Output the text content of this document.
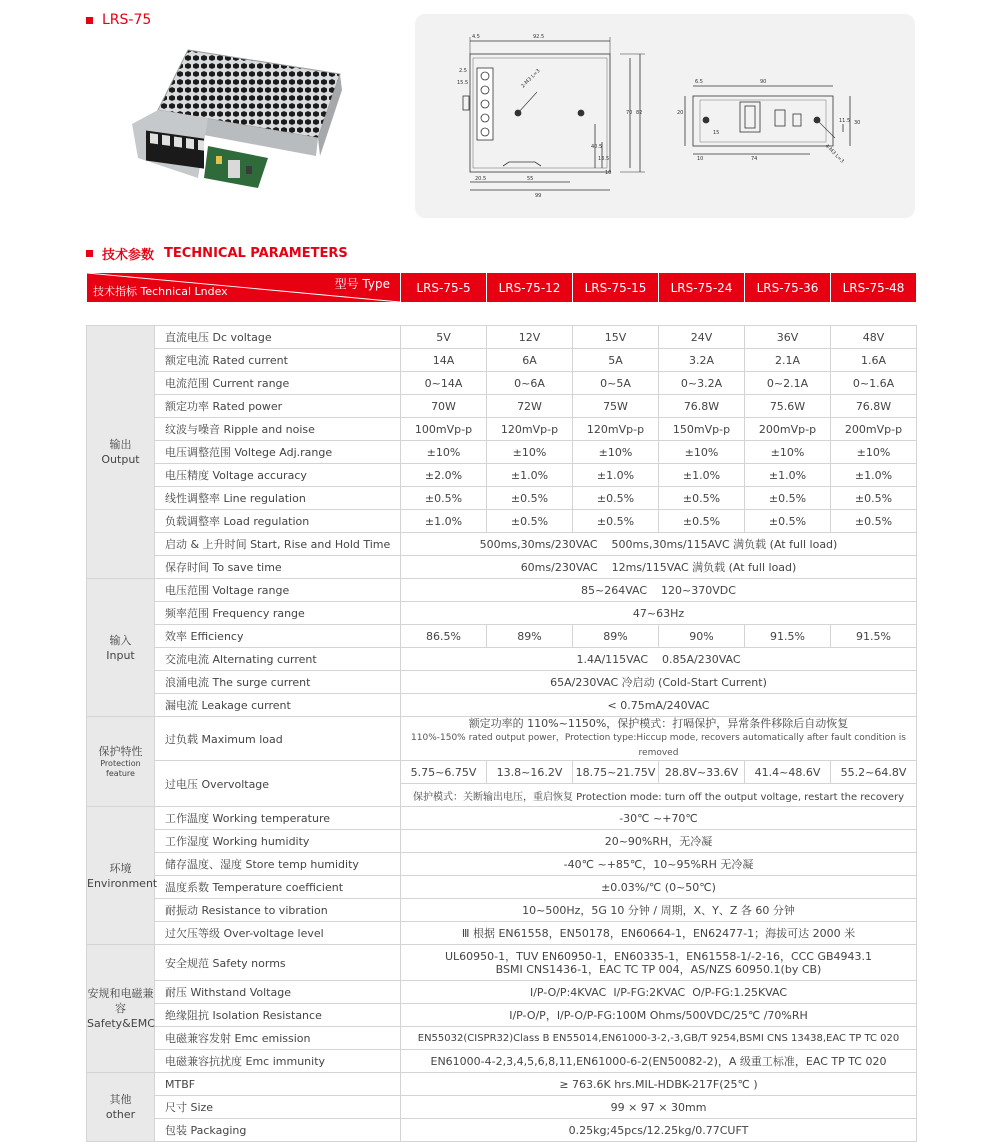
LRS-75
4.5	92.5
2.5
15.5
70 82
40.5
13.5
10
20.5	55
99
2-M3 L=3	6.5	90
20
30
15
10	74
11.5
4-M3 L=3
技术参数 TECHNICAL PARAMETERS
型号 Type
技术指标 Technical Lndex		LRS-75-5	LRS-75-12	LRS-75-15	LRS-75-24	LRS-75-36	LRS-75-48

输出
Output	直流电压 Dc voltage	5V	12V	15V	24V	36V	48V
	额定电流 Rated current	14A	6A	5A	3.2A	2.1A	1.6A
	电流范围 Current range	0~14A	0~6A	0~5A	0~3.2A	0~2.1A	0~1.6A
	额定功率 Rated power	70W	72W	75W	76.8W	75.6W	76.8W
	纹波与噪音 Ripple and noise	100mVp-p	120mVp-p	120mVp-p	150mVp-p	200mVp-p	200mVp-p
	电压调整范围 Voltege Adj.range	±10%	±10%	±10%	±10%	±10%	±10%
	电压精度 Voltage accuracy	±2.0%	±1.0%	±1.0%	±1.0%	±1.0%	±1.0%
	线性调整率 Line regulation	±0.5%	±0.5%	±0.5%	±0.5%	±0.5%	±0.5%
	负载调整率 Load regulation	±1.0%	±0.5%	±0.5%	±0.5%	±0.5%	±0.5%
	启动 & 上升时间 Start, Rise and Hold Time	500ms,30ms/230VAC    500ms,30ms/115AVC 满负载 (At full load)					
	保存时间 To save time	60ms/230VAC    12ms/115VAC 满负载 (At full load)					
输入
Input	电压范围 Voltage range	85~264VAC    120~370VDC					
	频率范围 Frequency range	47~63Hz					
	效率 Efficiency	86.5%	89%	89%	90%	91.5%	91.5%
	交流电流 Alternating current	1.4A/115VAC    0.85A/230VAC					
	浪涌电流 The surge current	65A/230VAC 冷启动 (Cold-Start Current)					
	漏电流 Leakage current	< 0.75mA/240VAC					
保护特性
Protection feature	过负载 Maximum load	额定功率的 110%~1150%，保护模式：打嗝保护，异常条件移除后自动恢复
110%-150% rated output power，Protection type:Hiccup mode, recovers automatically after fault condition is removed					
	过电压 Overvoltage	5.75~6.75V	13.8~16.2V	18.75~21.75V	28.8V~33.6V	41.4~48.6V	55.2~64.8V
		保护模式：关断输出电压，重启恢复 Protection mode: turn off the output voltage, restart the recovery					
环境
Environment	工作温度 Working temperature	-30℃ ~+70℃					
	工作湿度 Working humidity	20~90%RH，无冷凝					
	储存温度、湿度 Store temp humidity	-40℃ ~+85℃，10~95%RH 无冷凝					
	温度系数 Temperature coefficient	±0.03%/℃ (0~50℃)					
	耐振动 Resistance to vibration	10~500Hz，5G 10 分钟 / 周期，X、Y、Z 各 60 分钟					
	过欠压等级 Over-voltage level	Ⅲ 根据 EN61558，EN50178，EN60664-1，EN62477-1；海拔可达 2000 米					
安规和电磁兼容
Safety&EMC	安全规范 Safety norms	UL60950-1，TUV EN60950-1，EN60335-1，EN61558-1/-2-16，CCC GB4943.1
BSMI CNS1436-1，EAC TC TP 004，AS/NZS 60950.1(by CB)					
	耐压 Withstand Voltage	I/P-O/P:4KVAC  I/P-FG:2KVAC  O/P-FG:1.25KVAC					
	绝缘阻抗 Isolation Resistance	I/P-O/P，I/P-O/P-FG:100M Ohms/500VDC/25℃ /70%RH					
	电磁兼容发射 Emc emission	EN55032(CISPR32)Class B EN55014,EN61000-3-2,-3,GB/T 9254,BSMI CNS 13438,EAC TP TC 020					
	电磁兼容抗扰度 Emc immunity	EN61000-4-2,3,4,5,6,8,11,EN61000-6-2(EN50082-2)，A 级重工标准，EAC TP TC 020					
其他
other	MTBF	≥ 763.6K hrs.MIL-HDBK-217F(25℃ )					
	尺寸 Size	99 × 97 × 30mm					
	包装 Packaging	0.25kg;45pcs/12.25kg/0.77CUFT					
